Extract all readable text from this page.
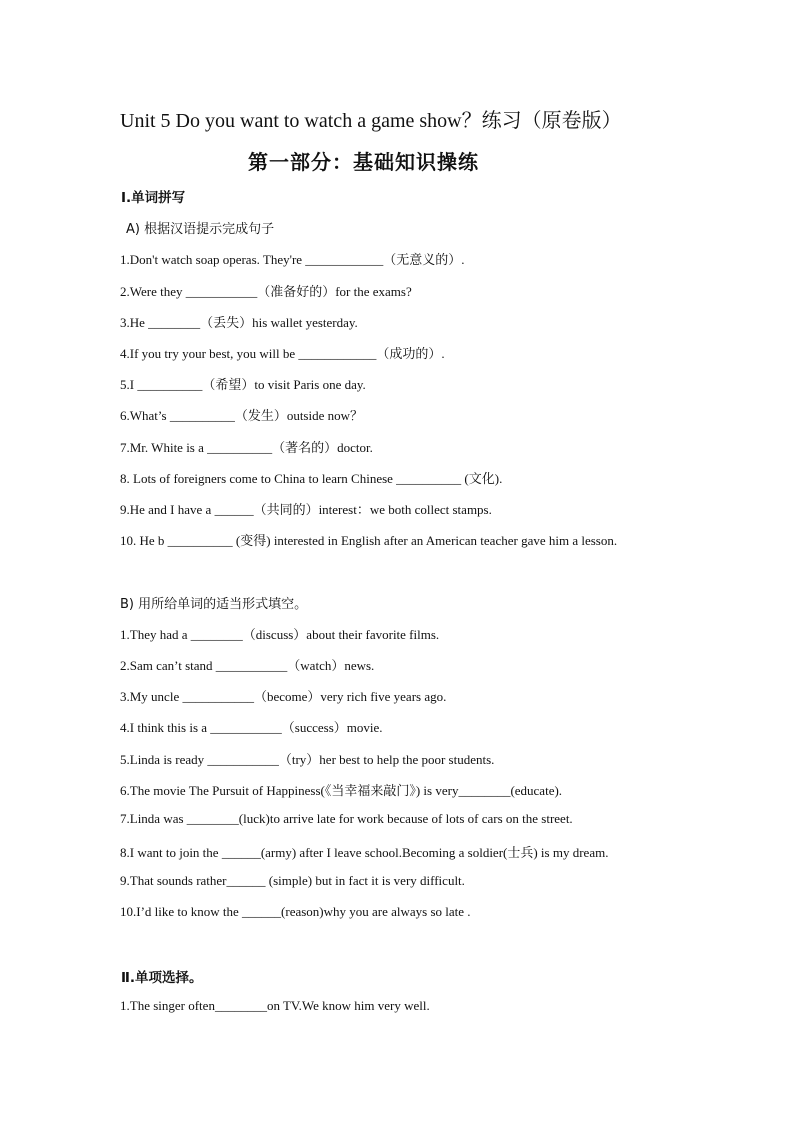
Unit 5 Do you want to watch a game show？练习（原卷版）
第一部分：基础知识操练
Ⅰ.单词拼写
A) 根据汉语提示完成句子
1.Don't watch soap operas. They're ____________（无意义的）.
2.Were they ___________（准备好的）for the exams?
3.He ________（丢失）his wallet yesterday.
4.If you try your best, you will be ____________（成功的）.
5.I __________（希望）to visit Paris one day.
6.What’s __________（发生）outside now？
7.Mr. White is a __________（著名的）doctor.
8. Lots of foreigners come to China to learn Chinese __________ (文化).
9.He and I have a ______（共同的）interest：we both collect stamps.
10. He b __________ (变得) interested in English after an American teacher gave him a lesson.
B) 用所给单词的适当形式填空。
1.They had a ________（discuss）about their favorite films.
2.Sam can’t stand ___________（watch）news.
3.My uncle ___________（become）very rich five years ago.
4.I think this is a ___________（success）movie.
5.Linda is ready ___________（try）her best to help the poor students.
6.The movie The Pursuit of Happiness(《当幸福来敲门》) is very________(educate).
7.Linda was ________(luck)to arrive late for work because of lots of cars on the street.
8.I want to join the ______(army) after I leave school.Becoming a soldier(士兵) is my dream.
9.That sounds rather______ (simple) but in fact it is very difficult.
10.I’d like to know the ______(reason)why you are always so late .
Ⅱ.单项选择。
1.The singer often________on TV.We know him very well.
